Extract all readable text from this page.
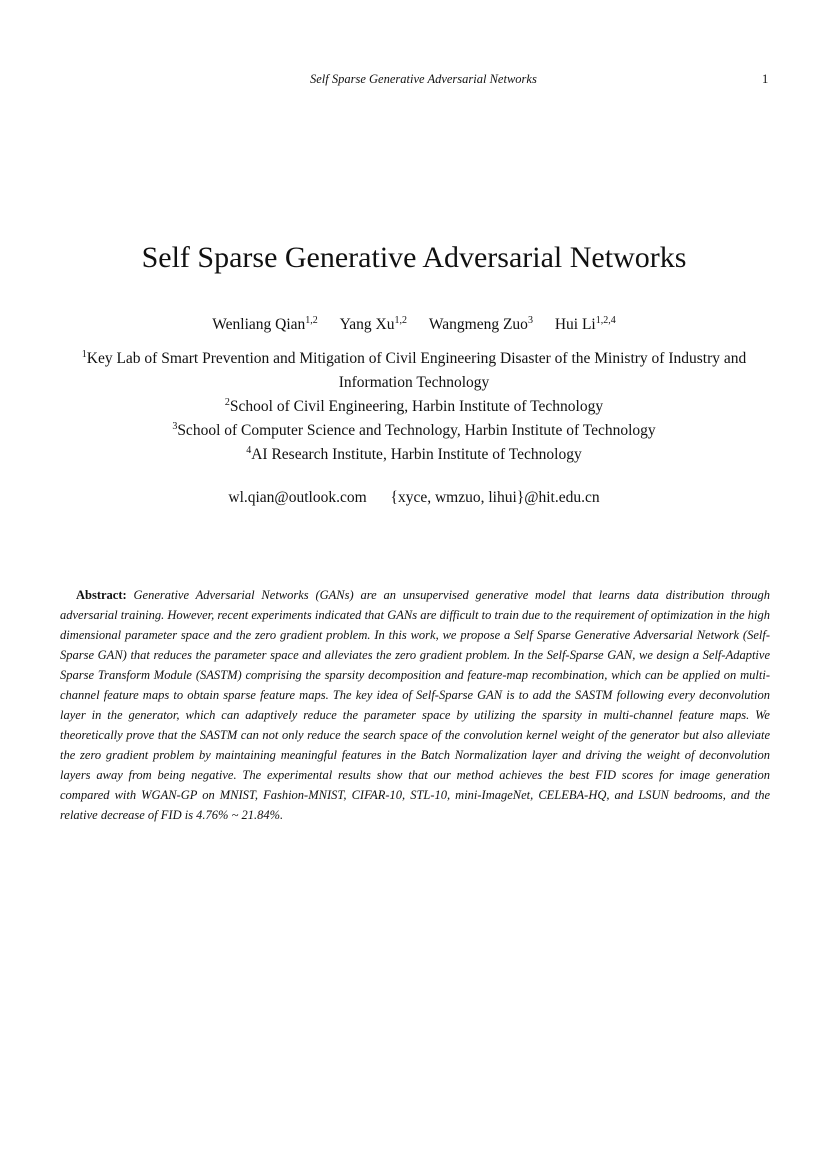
Self Sparse Generative Adversarial Networks	1
Self Sparse Generative Adversarial Networks
Wenliang Qian$^{1,2}$ Yang Xu$^{1,2}$ Wangmeng Zuo$^3$ Hui Li$^{1,2,4}$

$^1$Key Lab of Smart Prevention and Mitigation of Civil Engineering Disaster of the Ministry of Industry and Information Technology

$^2$School of Civil Engineering, Harbin Institute of Technology

$^3$School of Computer Science and Technology, Harbin Institute of Technology

$^4$AI Research Institute, Harbin Institute of Technology

wl.qian@outlook.com {xyce, wmzuo, lihui}@hit.edu.cn

Abstract: Generative Adversarial Networks (GANs) are an unsupervised generative model that learns data distribution through adversarial training. However, recent experiments indicated that GANs are difficult to train due to the requirement of optimization in the high dimensional parameter space and the zero gradient problem. In this work, we propose a Self Sparse Generative Adversarial Network (Self-Sparse GAN) that reduces the parameter space and alleviates the zero gradient problem. In the Self-Sparse GAN, we design a Self-Adaptive Sparse Transform Module (SASTM) comprising the sparsity decomposition and feature-map recombination, which can be applied on multi-channel feature maps to obtain sparse feature maps. The key idea of Self-Sparse GAN is to add the SASTM following every deconvolution layer in the generator, which can adaptively reduce the parameter space by utilizing the sparsity in multi-channel feature maps. We theoretically prove that the SASTM can not only reduce the search space of the convolution kernel weight of the generator but also alleviate the zero gradient problem by maintaining meaningful features in the Batch Normalization layer and driving the weight of deconvolution layers away from being negative. The experimental results show that our method achieves the best FID scores for image generation compared with WGAN-GP on MNIST, Fashion-MNIST, CIFAR-10, STL-10, mini-ImageNet, CELEBA-HQ, and LSUN bedrooms, and the relative decrease of FID is 4.76% ~ 21.84%.
